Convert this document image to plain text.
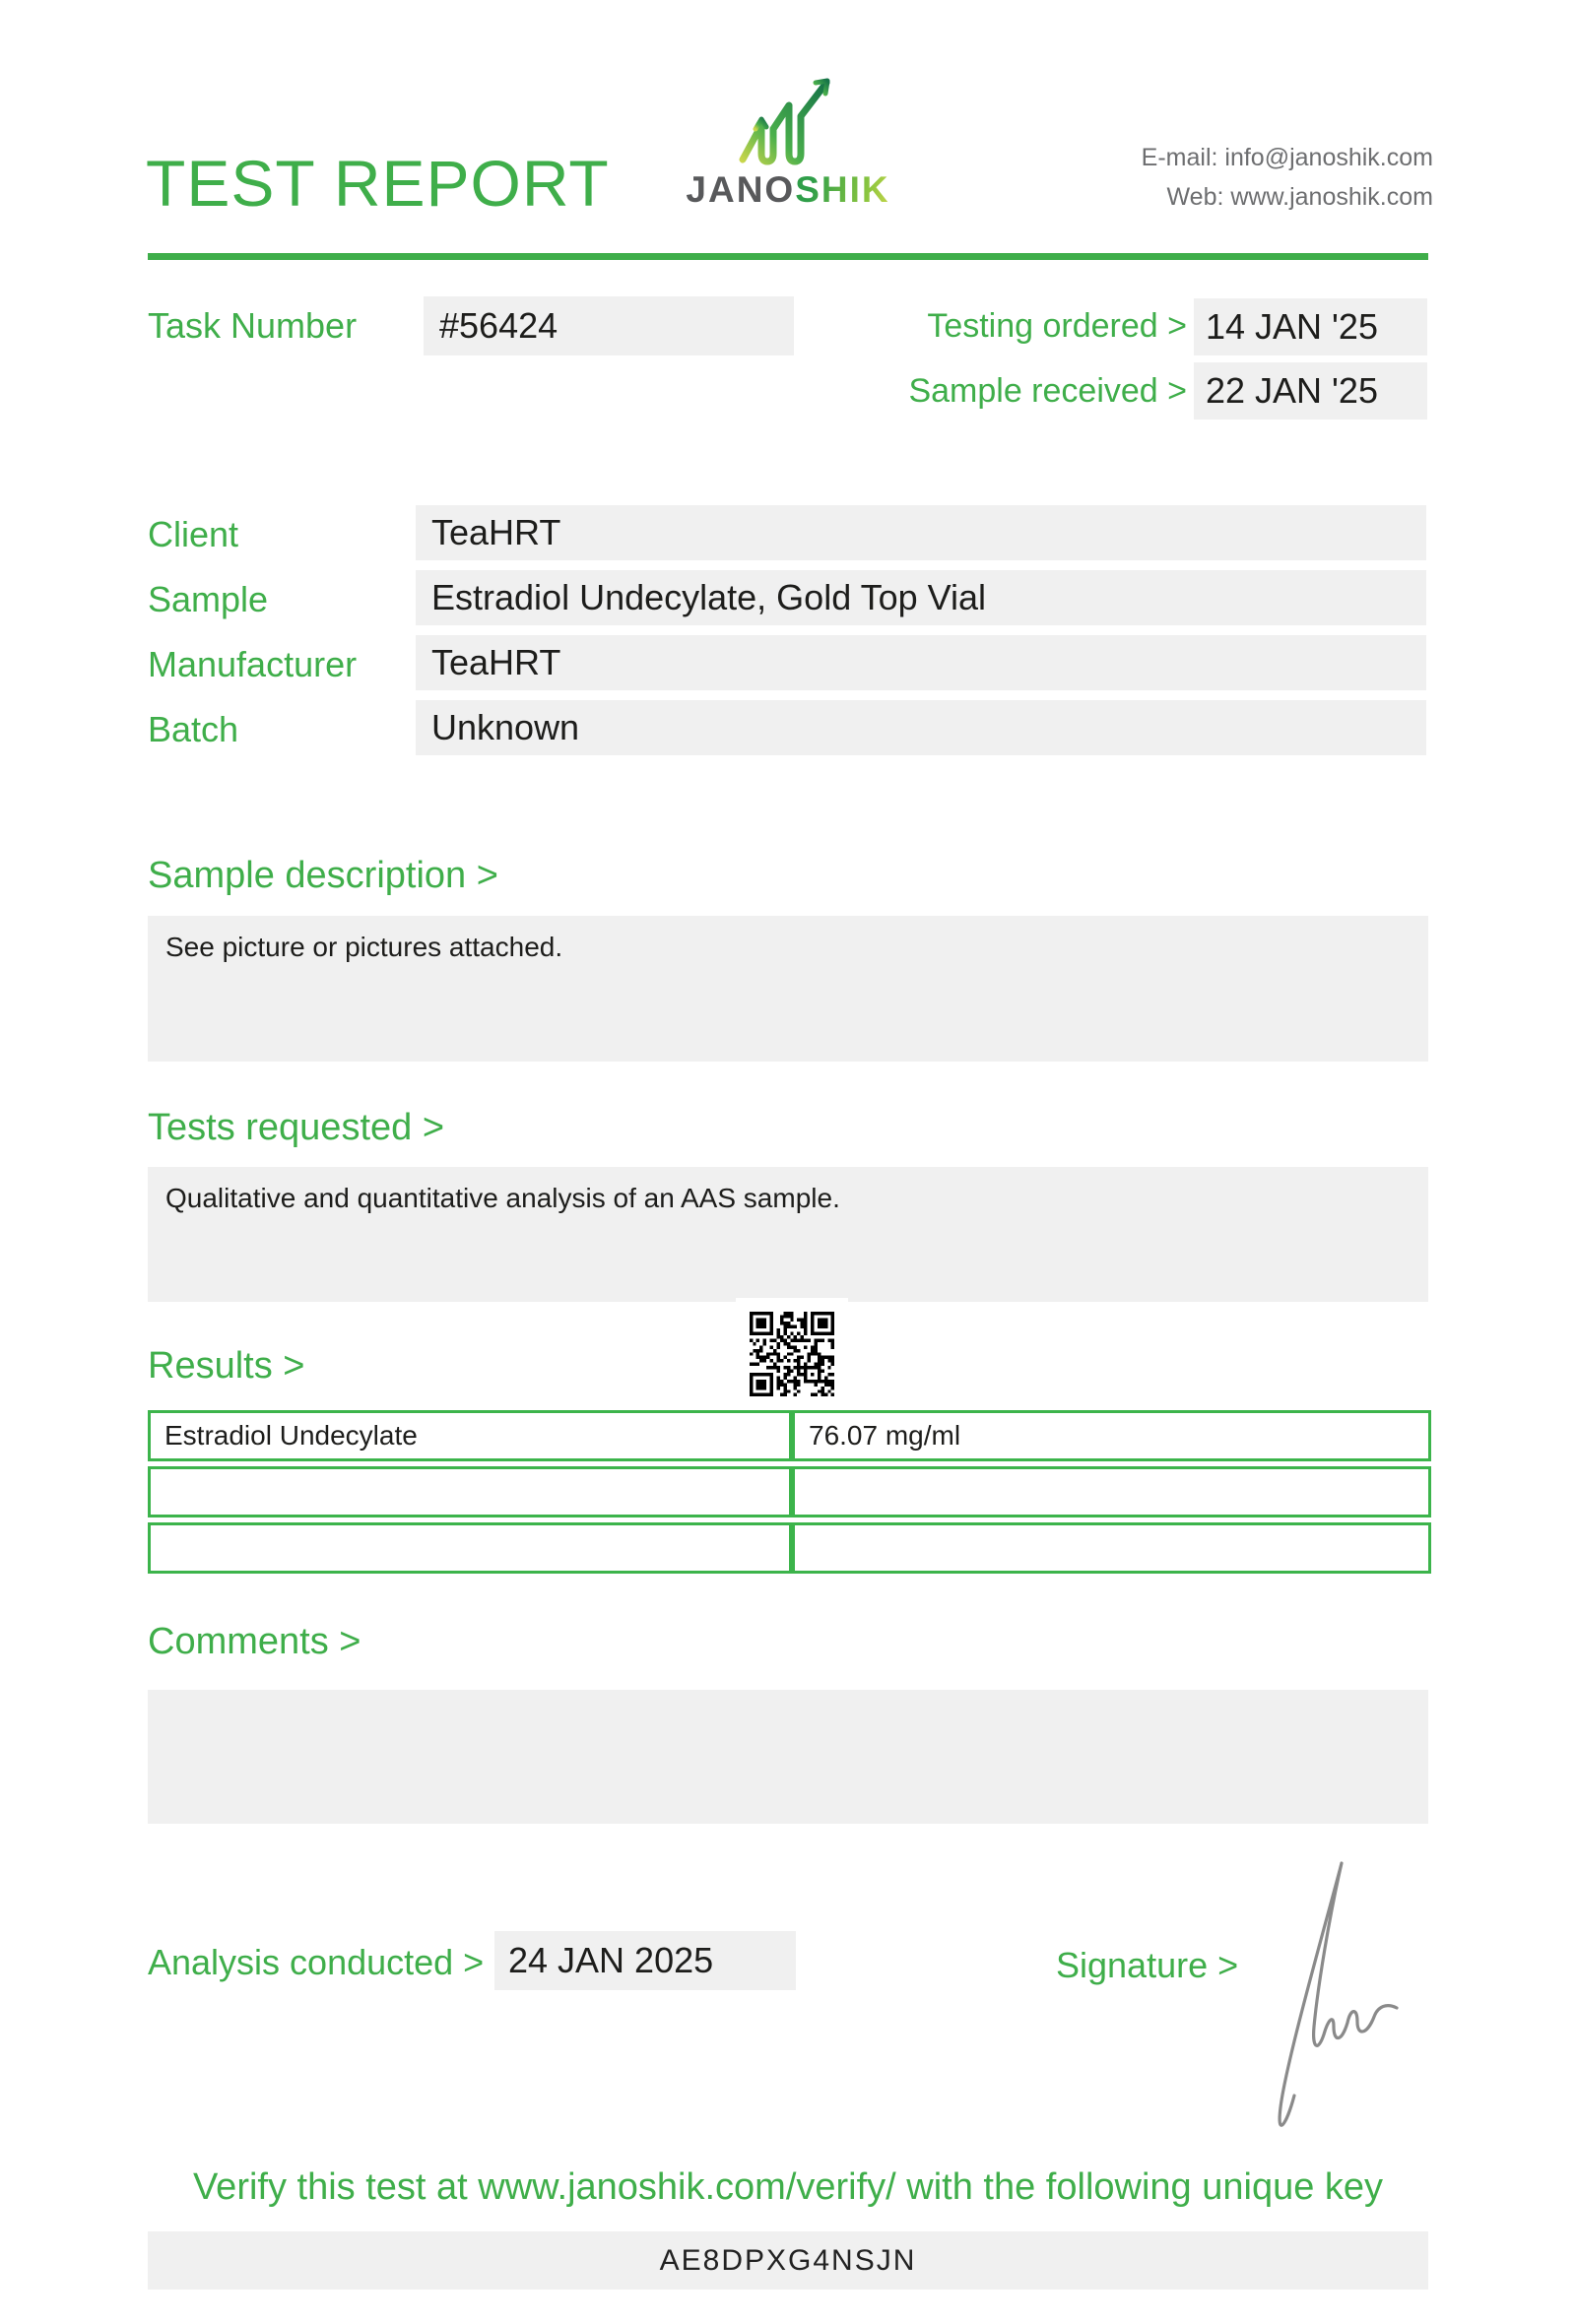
TEST REPORT	JANOSHIK
E-mail: info@janoshik.com
Web: www.janoshik.com
Task Number	#56424	Testing ordered > 14 JAN '25
Sample received > 22 JAN '25
Client	TeaHRT
Sample	Estradiol Undecylate, Gold Top Vial
Manufacturer	TeaHRT
Batch	Unknown
Sample description >
See picture or pictures attached.
Tests requested >
Qualitative and quantitative analysis of an AAS sample.
Results >
Estradiol Undecylate	76.07 mg/ml

Comments >
Analysis conducted > 24 JAN 2025	Signature >
Verify this test at www.janoshik.com/verify/ with the following unique key
AE8DPXG4NSJN
